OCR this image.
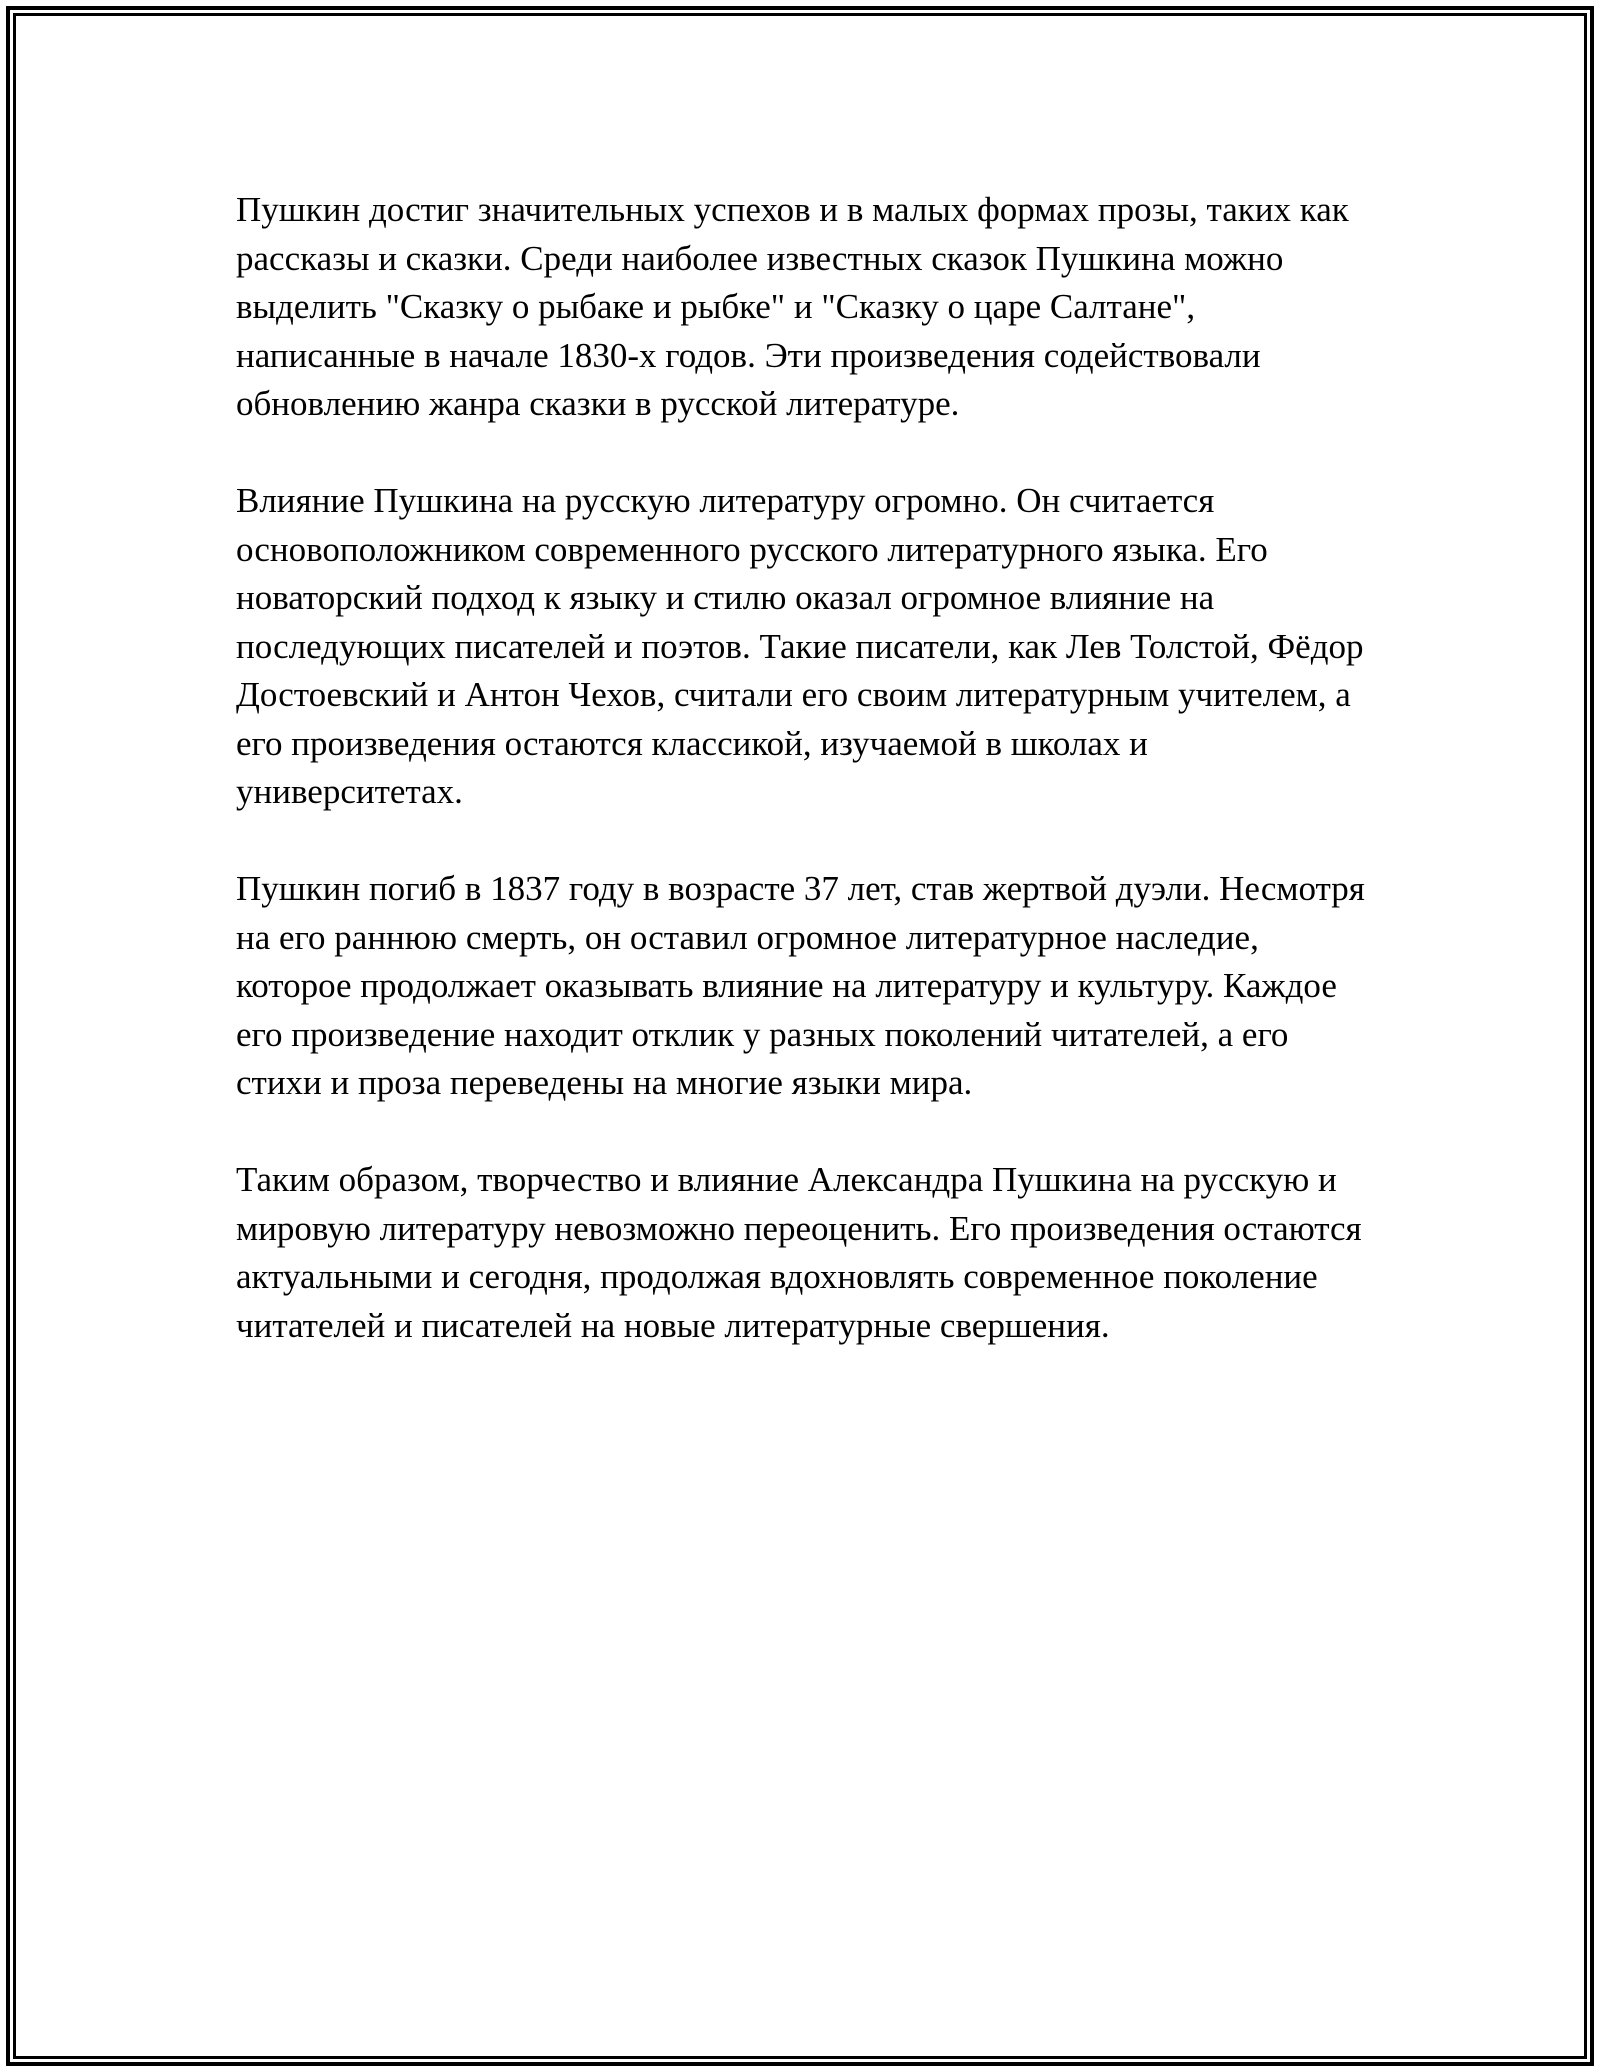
Пушкин достиг значительных успехов и в малых формах прозы, таких как рассказы и сказки. Среди наиболее известных сказок Пушкина можно выделить "Сказку о рыбаке и рыбке" и "Сказку о царе Салтане", написанные в начале 1830-х годов. Эти произведения содействовали обновлению жанра сказки в русской литературе.

Влияние Пушкина на русскую литературу огромно. Он считается основоположником современного русского литературного языка. Его новаторский подход к языку и стилю оказал огромное влияние на последующих писателей и поэтов. Такие писатели, как Лев Толстой, Фёдор Достоевский и Антон Чехов, считали его своим литературным учителем, а его произведения остаются классикой, изучаемой в школах и университетах.

Пушкин погиб в 1837 году в возрасте 37 лет, став жертвой дуэли. Несмотря на его раннюю смерть, он оставил огромное литературное наследие, которое продолжает оказывать влияние на литературу и культуру. Каждое его произведение находит отклик у разных поколений читателей, а его стихи и проза переведены на многие языки мира.

Таким образом, творчество и влияние Александра Пушкина на русскую и мировую литературу невозможно переоценить. Его произведения остаются актуальными и сегодня, продолжая вдохновлять современное поколение читателей и писателей на новые литературные свершения.
